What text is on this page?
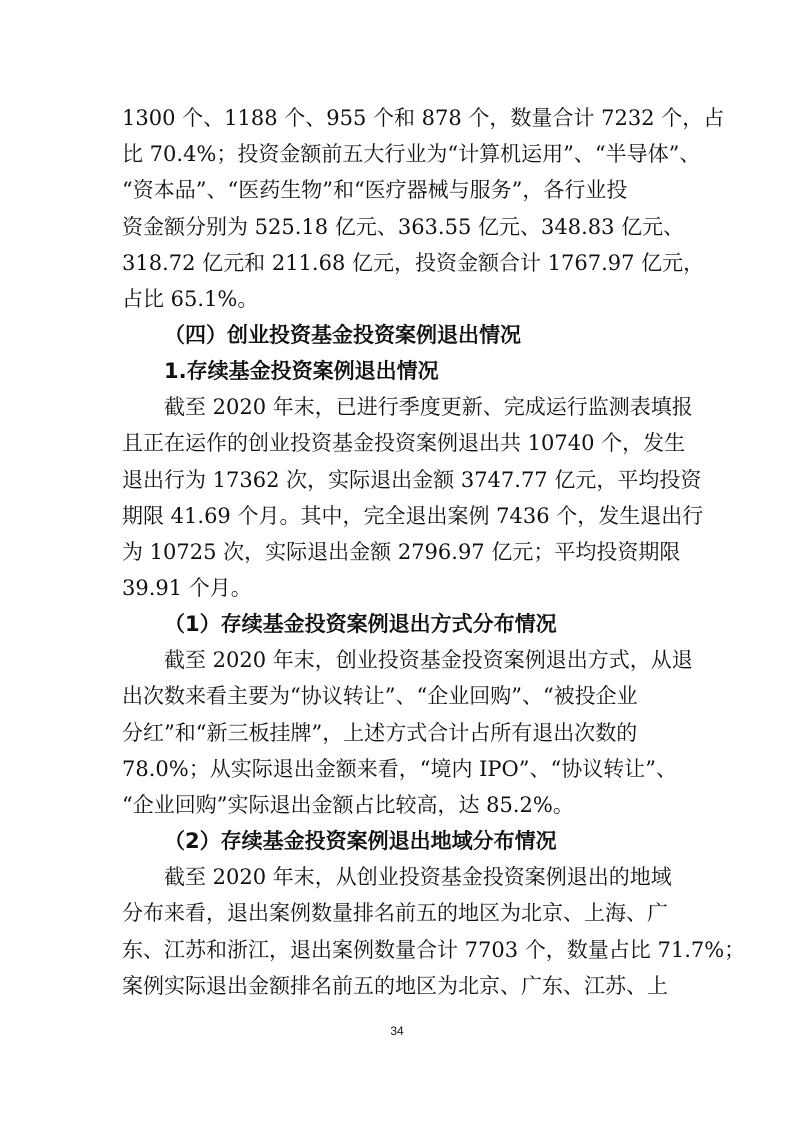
1300 个、1188 个、955 个和 878 个，数量合计 7232 个，占
比 70.4%；投资金额前五大行业为“计算机运用”、“半导体”、
“资本品”、“医药生物”和“医疗器械与服务”，各行业投
资金额分别为 525.18 亿元、363.55 亿元、348.83 亿元、
318.72 亿元和 211.68 亿元，投资金额合计 1767.97 亿元，
占比 65.1%。
（四）创业投资基金投资案例退出情况
1.存续基金投资案例退出情况
截至 2020 年末，已进行季度更新、完成运行监测表填报
且正在运作的创业投资基金投资案例退出共 10740 个，发生
退出行为 17362 次，实际退出金额 3747.77 亿元，平均投资
期限 41.69 个月。其中，完全退出案例 7436 个，发生退出行
为 10725 次，实际退出金额 2796.97 亿元；平均投资期限
39.91 个月。
（1）存续基金投资案例退出方式分布情况
截至 2020 年末，创业投资基金投资案例退出方式，从退
出次数来看主要为“协议转让”、“企业回购”、“被投企业
分红”和“新三板挂牌”，上述方式合计占所有退出次数的
78.0%；从实际退出金额来看，“境内 IPO”、“协议转让”、
“企业回购”实际退出金额占比较高，达 85.2%。
（2）存续基金投资案例退出地域分布情况
截至 2020 年末，从创业投资基金投资案例退出的地域
分布来看，退出案例数量排名前五的地区为北京、上海、广
东、江苏和浙江，退出案例数量合计 7703 个，数量占比 71.7%；
案例实际退出金额排名前五的地区为北京、广东、江苏、上
34
